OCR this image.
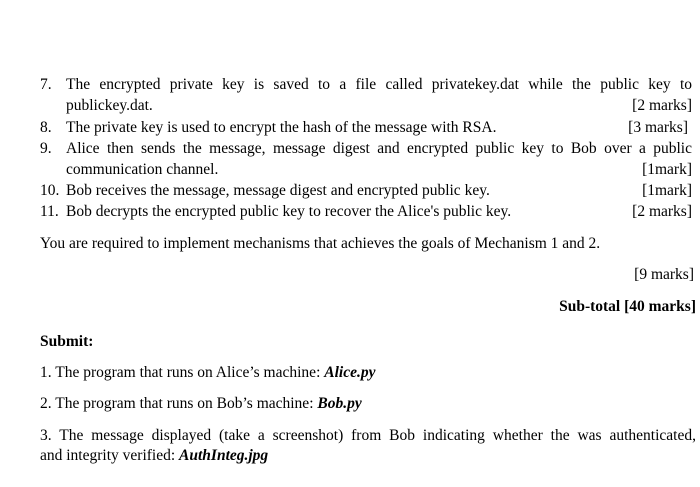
7. The encrypted private key is saved to a file called privatekey.dat while the public key to
publickey.dat.	[2 marks]
8. The private key is used to encrypt the hash of the message with RSA.	[3 marks]
9. Alice then sends the message, message digest and encrypted public key to Bob over a public
communication channel.	[1mark]
10. Bob receives the message, message digest and encrypted public key.	[1mark]
11. Bob decrypts the encrypted public key to recover the Alice's public key.	[2 marks]
You are required to implement mechanisms that achieves the goals of Mechanism 1 and 2.
[9 marks]
Sub-total [40 marks]
Submit:
1. The program that runs on Alice’s machine: Alice.py
2. The program that runs on Bob’s machine: Bob.py
3. The message displayed (take a screenshot) from Bob indicating whether the was authenticated,
and integrity verified: AuthInteg.jpg
